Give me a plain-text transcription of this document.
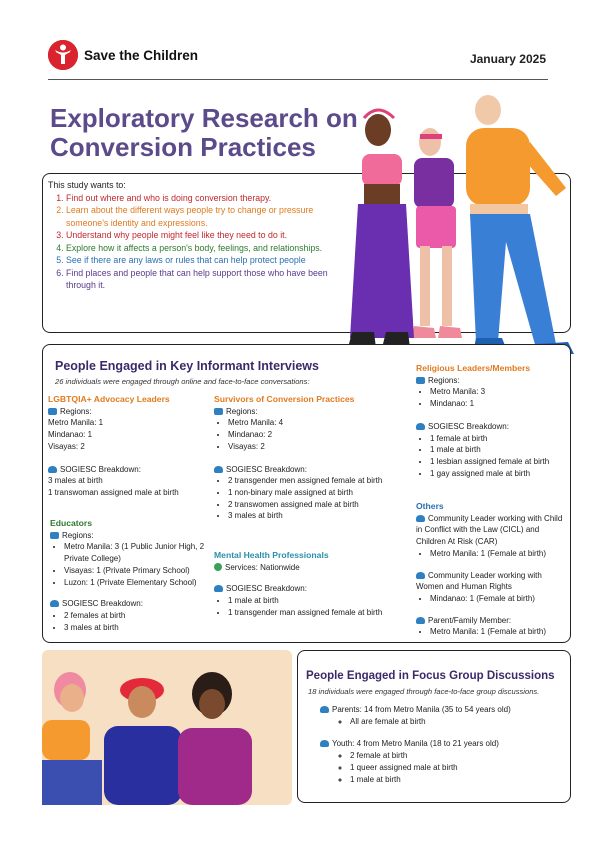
Save the Children	January 2025
Exploratory Research on
Conversion Practices
This study wants to:
1. Find out where and who is doing conversion therapy.
2. Learn about the different ways people try to change or pressure someone's identity and expressions.
3. Understand why people might feel like they need to do it.
4. Explore how it affects a person's body, feelings, and relationships.
5. See if there are any laws or rules that can help protect people
6. Find places and people that can help support those who have been through it.
People Engaged in Key Informant Interviews
26 individuals were engaged through online and face-to-face conversations:
LGBTQIA+ Advocacy Leaders
Regions:
Metro Manila: 1
Mindanao: 1
Visayas: 2
SOGIESC Breakdown:
3 males at birth
1 transwoman assigned male at birth
Educators
Regions:
• Metro Manila: 3 (1 Public Junior High, 2 Private College)
• Visayas: 1 (Private Primary School)
• Luzon: 1 (Private Elementary School)
SOGIESC Breakdown:
• 2 females at birth
• 3 males at birth
Survivors of Conversion Practices
Regions:
• Metro Manila: 4
• Mindanao: 2
• Visayas: 2
SOGIESC Breakdown:
• 2 transgender men assigned female at birth
• 1 non-binary male assigned at birth
• 2 transwomen assigned male at birth
• 3 males at birth
Mental Health Professionals
Services: Nationwide
SOGIESC Breakdown:
• 1 male at birth
• 1 transgender man assigned female at birth
Religious Leaders/Members
Regions:
• Metro Manila: 3
• Mindanao: 1
SOGIESC Breakdown:
• 1 female at birth
• 1 male at birth
• 1 lesbian assigned female at birth
• 1 gay assigned male at birth
Others
Community Leader working with Child in Conflict with the Law (CICL) and Children At Risk (CAR)
• Metro Manila: 1 (Female at birth)
Community Leader working with Women and Human Rights
• Mindanao: 1 (Female at birth)
Parent/Family Member:
• Metro Manila: 1 (Female at birth)
People Engaged in Focus Group Discussions
18 individuals were engaged through face-to-face group discussions.
Parents: 14 from Metro Manila (35 to 54 years old)
◦ All are female at birth
Youth: 4 from Metro Manila (18 to 21 years old)
◦ 2 female at birth
◦ 1 queer assigned male at birth
◦ 1 male at birth
